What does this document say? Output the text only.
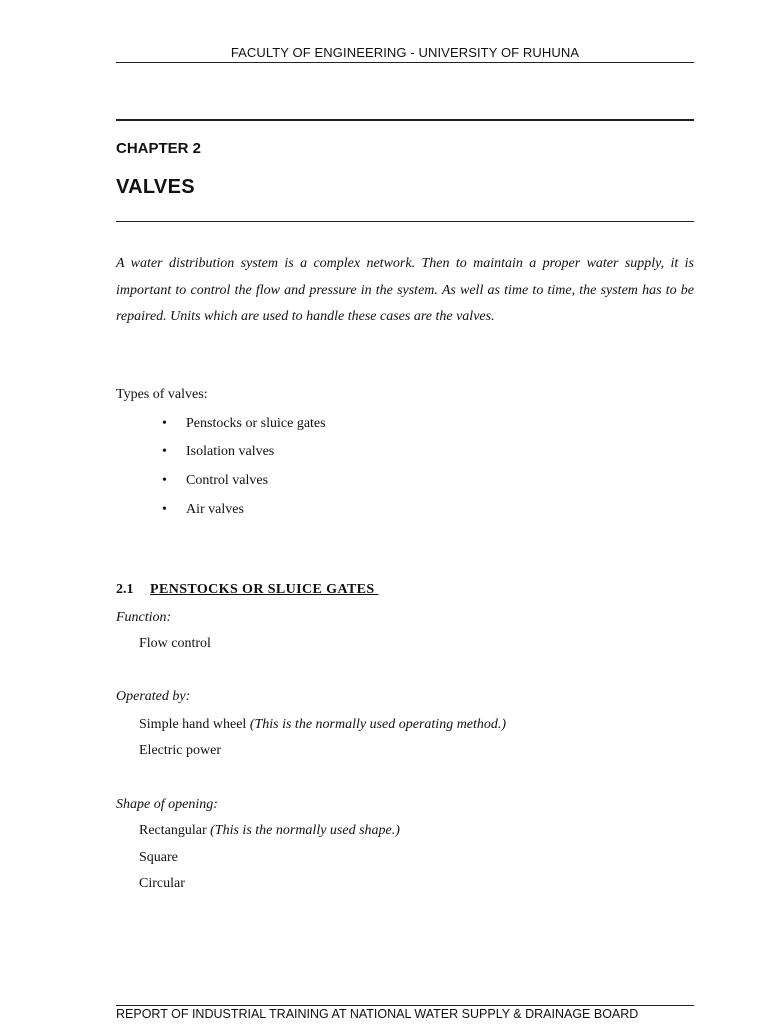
FACULTY OF ENGINEERING - UNIVERSITY OF RUHUNA
CHAPTER 2
VALVES

A water distribution system is a complex network. Then to maintain a proper water supply, it is important to control the flow and pressure in the system. As well as time to time, the system has to be repaired. Units which are used to handle these cases are the valves.

Types of valves:
• Penstocks or sluice gates
• Isolation valves
• Control valves
• Air valves
2.1 PENSTOCKS OR SLUICE GATES
Function:
Flow control
Operated by:
Simple hand wheel (This is the normally used operating method.)
Electric power
Shape of opening:
Rectangular (This is the normally used shape.)
Square
Circular
REPORT OF INDUSTRIAL TRAINING AT NATIONAL WATER SUPPLY & DRAINAGE BOARD
